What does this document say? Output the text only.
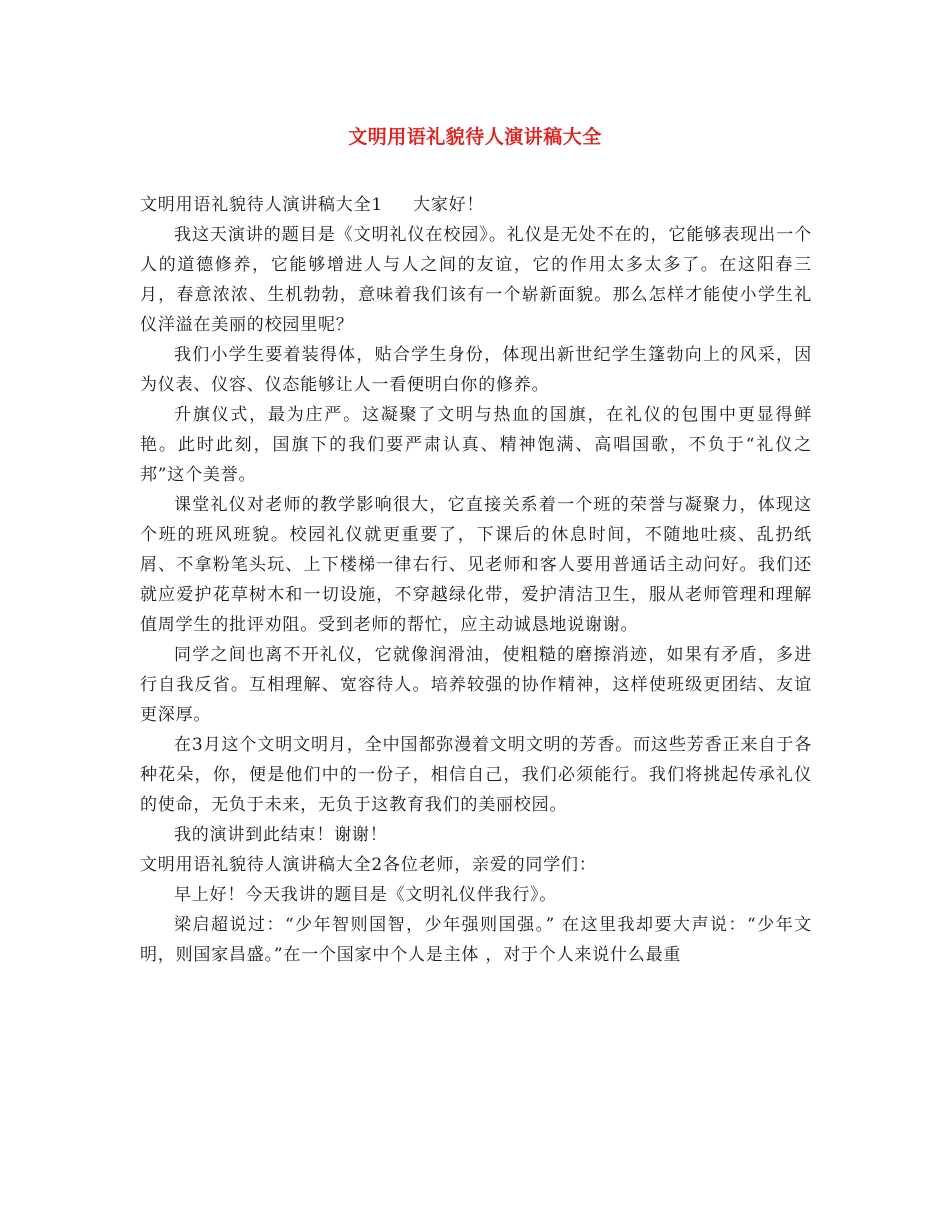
文明用语礼貌待人演讲稿大全

文明用语礼貌待人演讲稿大全1 大家好！

我这天演讲的题目是《文明礼仪在校园》。礼仪是无处不在的，它能够表现出一个人的道德修养，它能够增进人与人之间的友谊，它的作用太多太多了。在这阳春三月，春意浓浓、生机勃勃，意味着我们该有一个崭新面貌。那么怎样才能使小学生礼仪洋溢在美丽的校园里呢？

我们小学生要着装得体，贴合学生身份，体现出新世纪学生篷勃向上的风采，因为仪表、仪容、仪态能够让人一看便明白你的修养。

升旗仪式，最为庄严。这凝聚了文明与热血的国旗，在礼仪的包围中更显得鲜艳。此时此刻，国旗下的我们要严肃认真、精神饱满、高唱国歌，不负于“礼仪之邦”这个美誉。

课堂礼仪对老师的教学影响很大，它直接关系着一个班的荣誉与凝聚力，体现这个班的班风班貌。校园礼仪就更重要了，下课后的休息时间，不随地吐痰、乱扔纸屑、不拿粉笔头玩、上下楼梯一律右行、见老师和客人要用普通话主动问好。我们还就应爱护花草树木和一切设施，不穿越绿化带，爱护清洁卫生，服从老师管理和理解值周学生的批评劝阻。受到老师的帮忙，应主动诚恳地说谢谢。

同学之间也离不开礼仪，它就像润滑油，使粗糙的磨擦消迹，如果有矛盾，多进行自我反省。互相理解、宽容待人。培养较强的协作精神，这样使班级更团结、友谊更深厚。

在3月这个文明文明月，全中国都弥漫着文明文明的芳香。而这些芳香正来自于各种花朵，你，便是他们中的一份子，相信自己，我们必须能行。我们将挑起传承礼仪的使命，无负于未来，无负于这教育我们的美丽校园。

我的演讲到此结束！谢谢！

文明用语礼貌待人演讲稿大全2各位老师，亲爱的同学们：

早上好！今天我讲的题目是《文明礼仪伴我行》。

梁启超说过：“少年智则国智，少年强则国强。” 在这里我却要大声说：“少年文明，则国家昌盛。”在一个国家中个人是主体 ，对于个人来说什么最重
